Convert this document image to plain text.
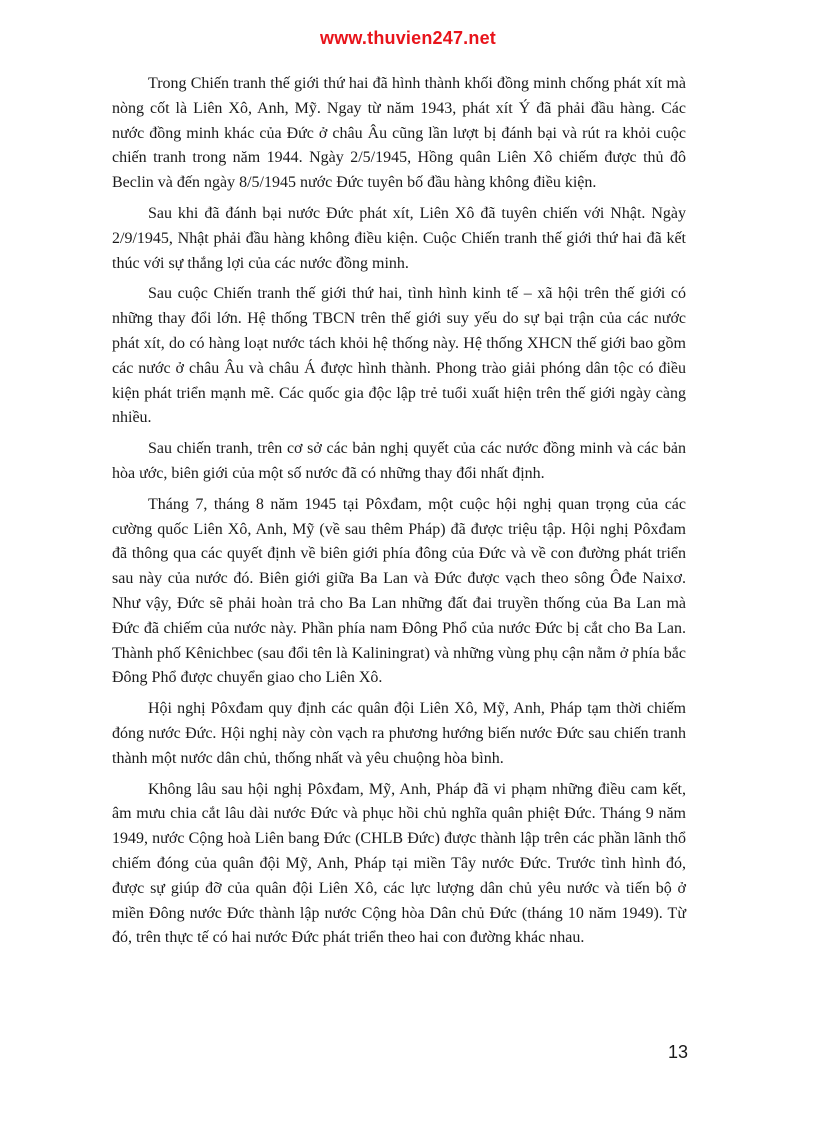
www.thuvien247.net

Trong Chiến tranh thế giới thứ hai đã hình thành khối đồng minh chống phát xít mà nòng cốt là Liên Xô, Anh, Mỹ. Ngay từ năm 1943, phát xít Ý đã phải đầu hàng. Các nước đồng minh khác của Đức ở châu Âu cũng lần lượt bị đánh bại và rút ra khỏi cuộc chiến tranh trong năm 1944. Ngày 2/5/1945, Hồng quân Liên Xô chiếm được thủ đô Beclin và đến ngày 8/5/1945 nước Đức tuyên bố đầu hàng không điều kiện.

Sau khi đã đánh bại nước Đức phát xít, Liên Xô đã tuyên chiến với Nhật. Ngày 2/9/1945, Nhật phải đầu hàng không điều kiện. Cuộc Chiến tranh thế giới thứ hai đã kết thúc với sự thắng lợi của các nước đồng minh.

Sau cuộc Chiến tranh thế giới thứ hai, tình hình kinh tế – xã hội trên thế giới có những thay đổi lớn. Hệ thống TBCN trên thế giới suy yếu do sự bại trận của các nước phát xít, do có hàng loạt nước tách khỏi hệ thống này. Hệ thống XHCN thế giới bao gồm các nước ở châu Âu và châu Á được hình thành. Phong trào giải phóng dân tộc có điều kiện phát triển mạnh mẽ. Các quốc gia độc lập trẻ tuổi xuất hiện trên thế giới ngày càng nhiều.

Sau chiến tranh, trên cơ sở các bản nghị quyết của các nước đồng minh và các bản hòa ước, biên giới của một số nước đã có những thay đổi nhất định.

Tháng 7, tháng 8 năm 1945 tại Pôxđam, một cuộc hội nghị quan trọng của các cường quốc Liên Xô, Anh, Mỹ (về sau thêm Pháp) đã được triệu tập. Hội nghị Pôxđam đã thông qua các quyết định về biên giới phía đông của Đức và về con đường phát triển sau này của nước đó. Biên giới giữa Ba Lan và Đức được vạch theo sông Ôđe Naixơ. Như vậy, Đức sẽ phải hoàn trả cho Ba Lan những đất đai truyền thống của Ba Lan mà Đức đã chiếm của nước này. Phần phía nam Đông Phổ của nước Đức bị cắt cho Ba Lan. Thành phố Kênichbec (sau đổi tên là Kaliningrat) và những vùng phụ cận nằm ở phía bắc Đông Phổ được chuyển giao cho Liên Xô.

Hội nghị Pôxđam quy định các quân đội Liên Xô, Mỹ, Anh, Pháp tạm thời chiếm đóng nước Đức. Hội nghị này còn vạch ra phương hướng biến nước Đức sau chiến tranh thành một nước dân chủ, thống nhất và yêu chuộng hòa bình.

Không lâu sau hội nghị Pôxđam, Mỹ, Anh, Pháp đã vi phạm những điều cam kết, âm mưu chia cắt lâu dài nước Đức và phục hồi chủ nghĩa quân phiệt Đức. Tháng 9 năm 1949, nước Cộng hoà Liên bang Đức (CHLB Đức) được thành lập trên các phần lãnh thổ chiếm đóng của quân đội Mỹ, Anh, Pháp tại miền Tây nước Đức. Trước tình hình đó, được sự giúp đỡ của quân đội Liên Xô, các lực lượng dân chủ yêu nước và tiến bộ ở miền Đông nước Đức thành lập nước Cộng hòa Dân chủ Đức (tháng 10 năm 1949). Từ đó, trên thực tế có hai nước Đức phát triển theo hai con đường khác nhau.

13
